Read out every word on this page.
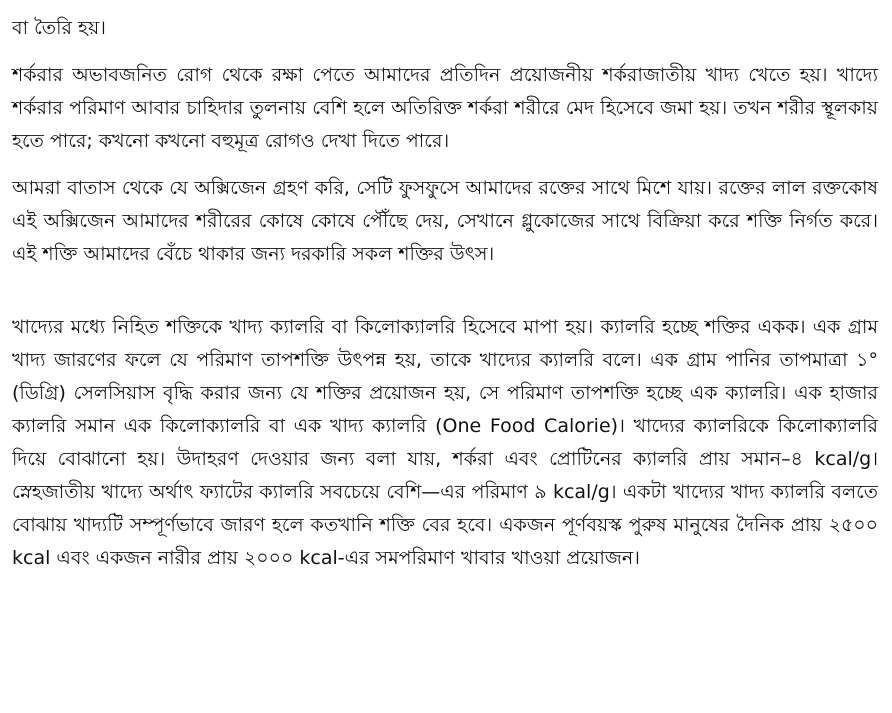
বা তৈরি হয়।

শর্করার অভাবজনিত রোগ থেকে রক্ষা পেতে আমাদের প্রতিদিন প্রয়োজনীয় শর্করাজাতীয় খাদ্য খেতে হয়। খাদ্যে শর্করার পরিমাণ আবার চাহিদার তুলনায় বেশি হলে অতিরিক্ত শর্করা শরীরে মেদ হিসেবে জমা হয়। তখন শরীর স্থূলকায় হতে পারে; কখনো কখনো বহুমূত্র রোগও দেখা দিতে পারে।

আমরা বাতাস থেকে যে অক্সিজেন গ্রহণ করি, সেটি ফুসফুসে আমাদের রক্তের সাথে মিশে যায়। রক্তের লাল রক্তকোষ এই অক্সিজেন আমাদের শরীরের কোষে কোষে পৌঁছে দেয়, সেখানে গ্লুকোজের সাথে বিক্রিয়া করে শক্তি নির্গত করে। এই শক্তি আমাদের বেঁচে থাকার জন্য দরকারি সকল শক্তির উৎস।

খাদ্যের মধ্যে নিহিত শক্তিকে খাদ্য ক্যালরি বা কিলোক্যালরি হিসেবে মাপা হয়। ক্যালরি হচ্ছে শক্তির একক। এক গ্রাম খাদ্য জারণের ফলে যে পরিমাণ তাপশক্তি উৎপন্ন হয়, তাকে খাদ্যের ক্যালরি বলে। এক গ্রাম পানির তাপমাত্রা ১° (ডিগ্রি) সেলসিয়াস বৃদ্ধি করার জন্য যে শক্তির প্রয়োজন হয়, সে পরিমাণ তাপশক্তি হচ্ছে এক ক্যালরি। এক হাজার ক্যালরি সমান এক কিলোক্যালরি বা এক খাদ্য ক্যালরি (One Food Calorie)। খাদ্যের ক্যালরিকে কিলোক্যালরি দিয়ে বোঝানো হয়। উদাহরণ দেওয়ার জন্য বলা যায়, শর্করা এবং প্রোটিনের ক্যালরি প্রায় সমান–৪ kcal/g। স্নেহজাতীয় খাদ্যে অর্থাৎ ফ্যাটের ক্যালরি সবচেয়ে বেশি—এর পরিমাণ ৯ kcal/g। একটা খাদ্যের খাদ্য ক্যালরি বলতে বোঝায় খাদ্যটি সম্পূর্ণভাবে জারণ হলে কতখানি শক্তি বের হবে। একজন পূর্ণবয়স্ক পুরুষ মানুষের দৈনিক প্রায় ২৫০০ kcal এবং একজন নারীর প্রায় ২০০০ kcal-এর সমপরিমাণ খাবার খাওয়া প্রয়োজন।
